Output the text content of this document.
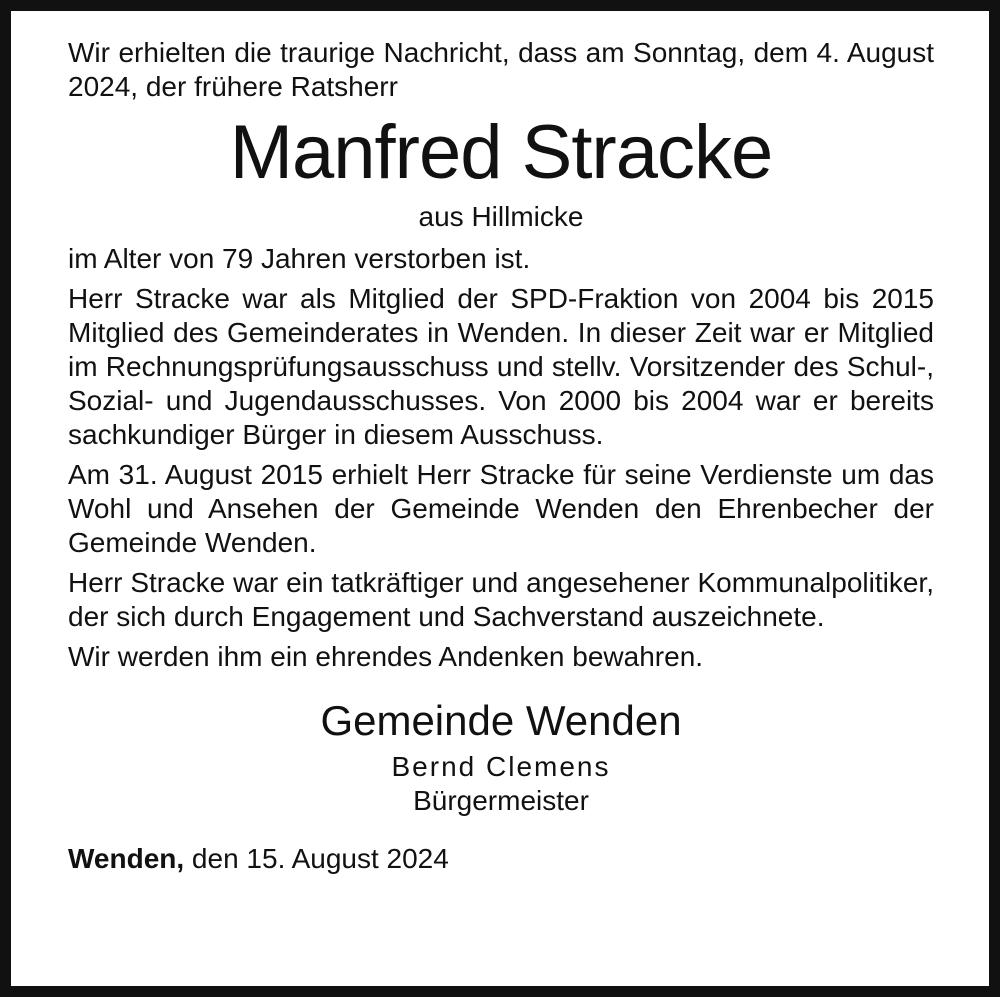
Wir erhielten die traurige Nachricht, dass am Sonntag, dem 4. August 2024, der frühere Ratsherr

Manfred Stracke

aus Hillmicke

im Alter von 79 Jahren verstorben ist.

Herr Stracke war als Mitglied der SPD-Fraktion von 2004 bis 2015 Mitglied des Gemeinderates in Wenden. In dieser Zeit war er Mitglied im Rechnungsprüfungsausschuss und stellv. Vorsitzender des Schul-, Sozial- und Jugendausschusses. Von 2000 bis 2004 war er bereits sachkundiger Bürger in diesem Ausschuss.

Am 31. August 2015 erhielt Herr Stracke für seine Verdienste um das Wohl und Ansehen der Gemeinde Wenden den Ehrenbecher der Gemeinde Wenden.

Herr Stracke war ein tatkräftiger und angesehener Kommunalpolitiker, der sich durch Engagement und Sachverstand auszeichnete.

Wir werden ihm ein ehrendes Andenken bewahren.

Gemeinde Wenden

Bernd Clemens

Bürgermeister

Wenden, den 15. August 2024
